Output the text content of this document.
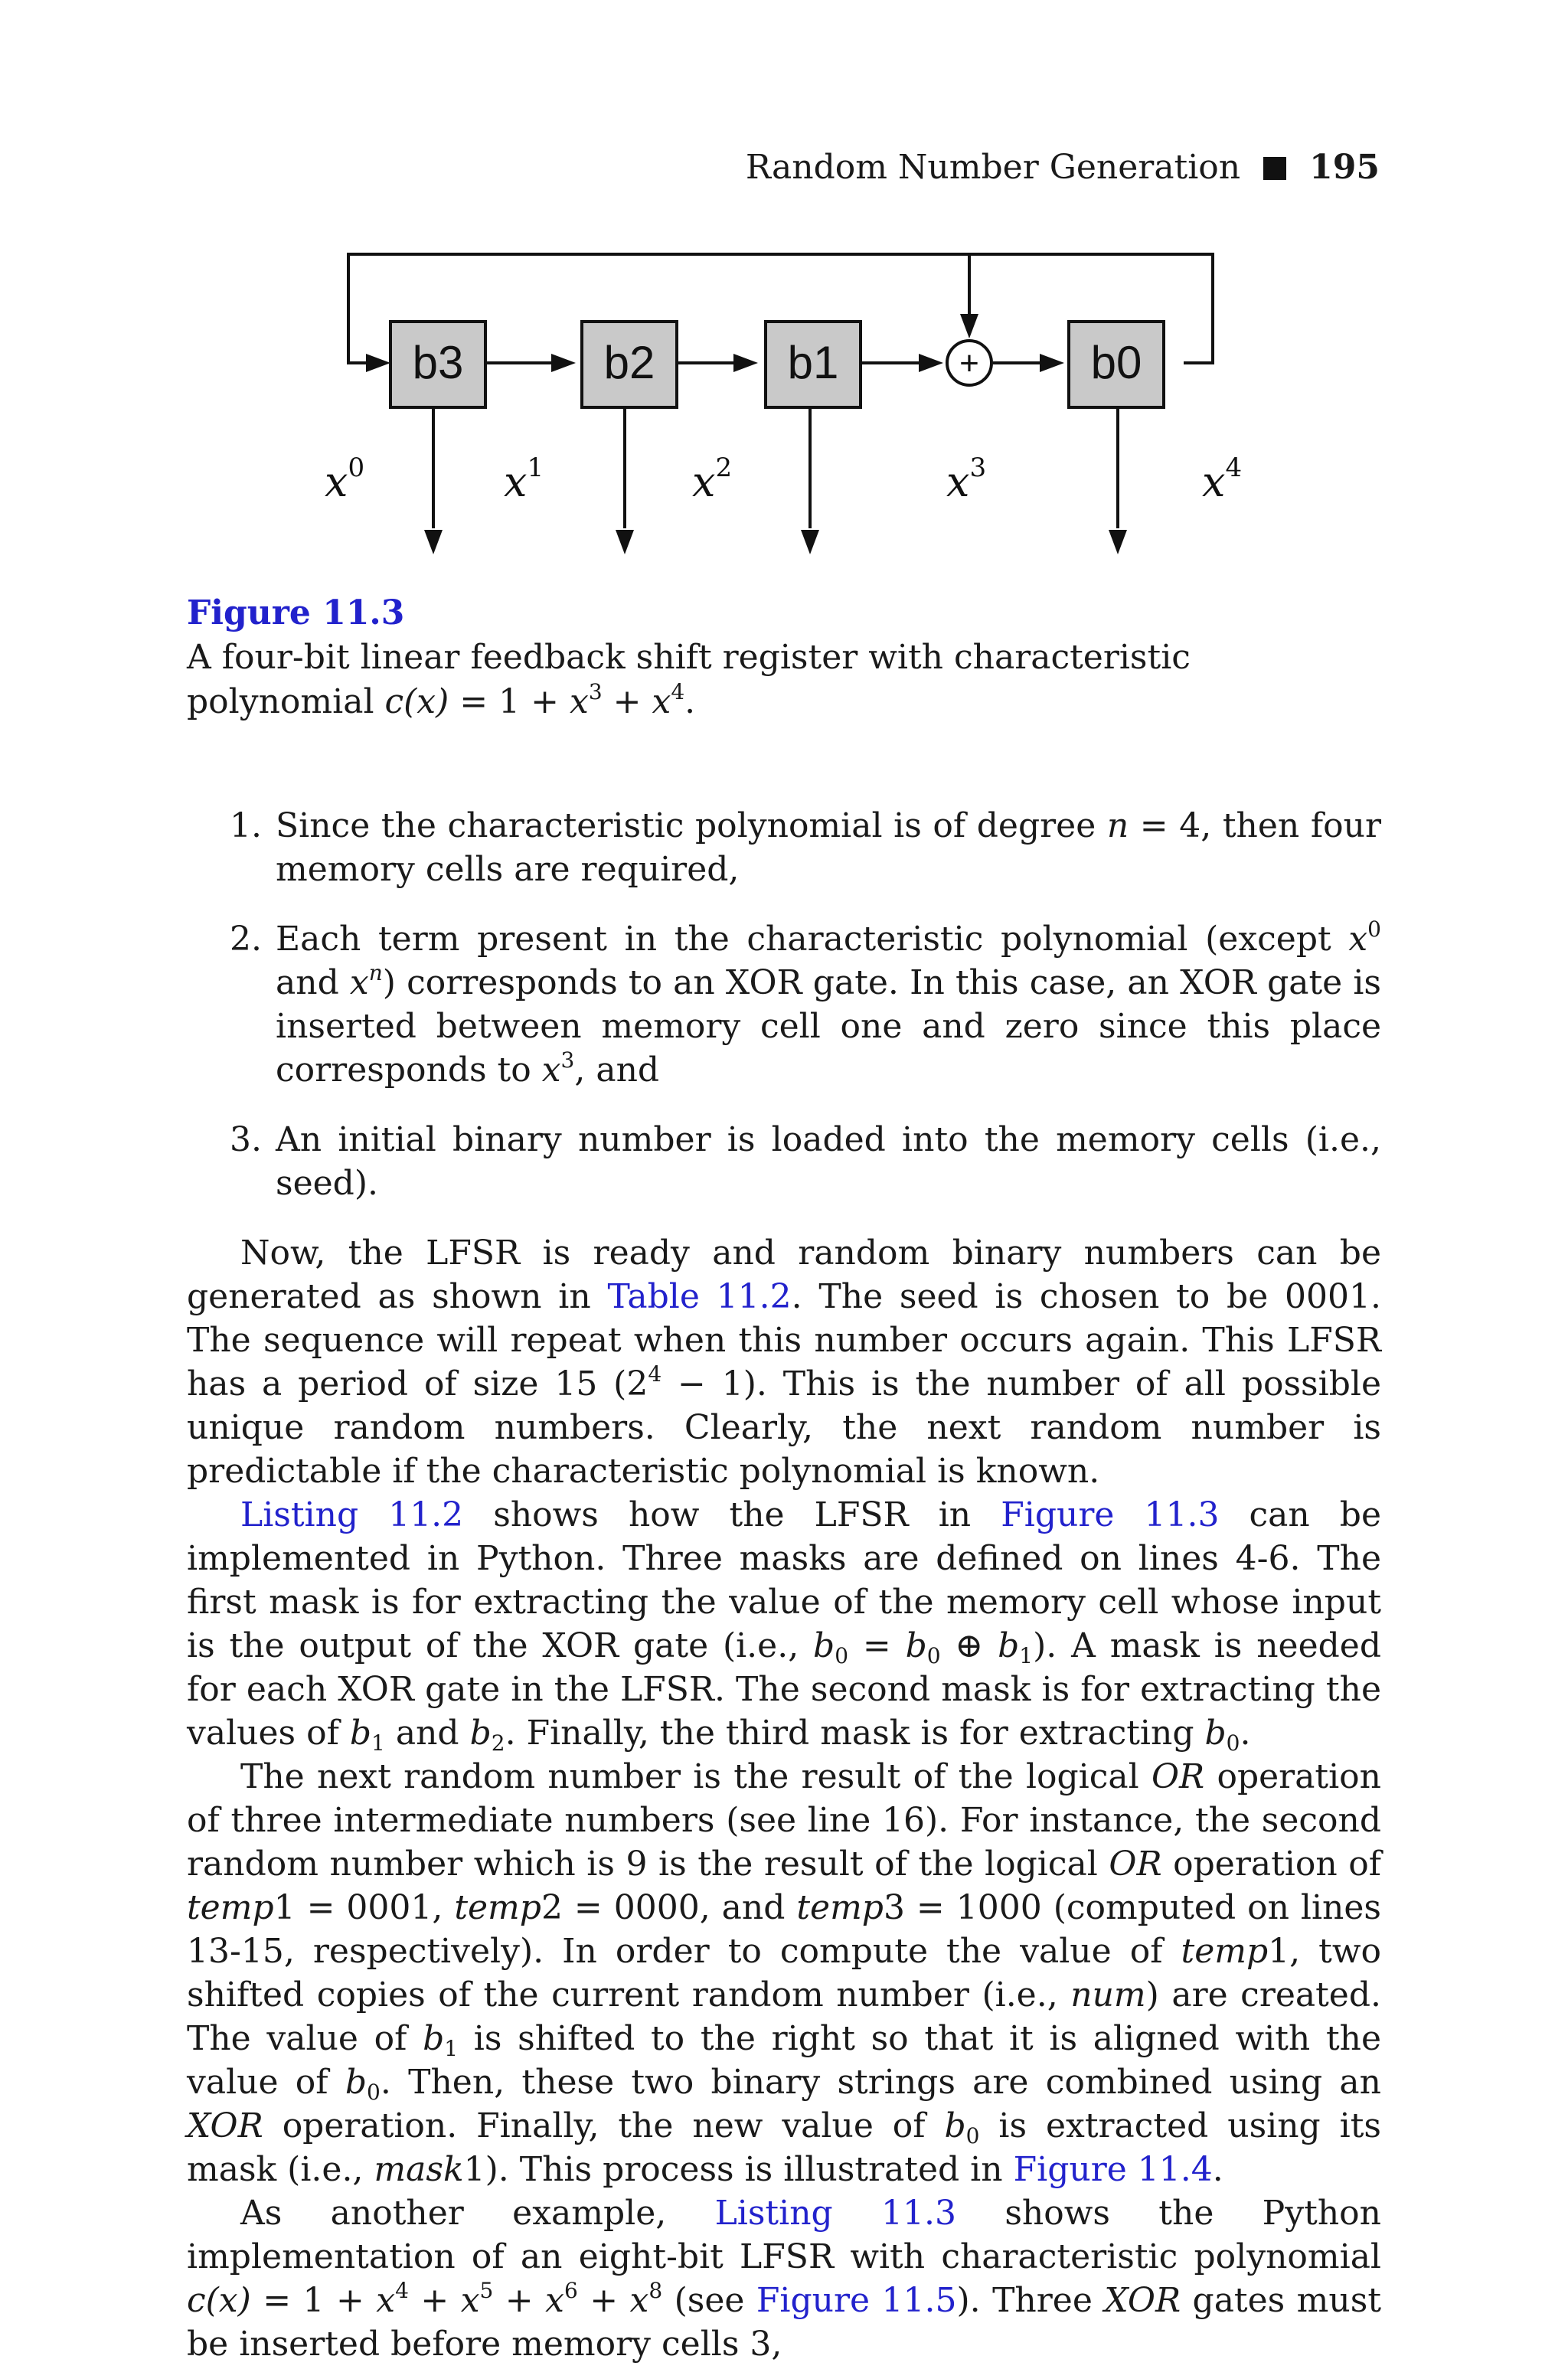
Random Number Generation 195
b3	b2	b1	b0
+
$x^0$	$x^1$	$x^2$	$x^3$	$x^4$
Figure 11.3
A four-bit linear feedback shift register with characteristic polynomial $c(x) = 1 + x^3 + x^4$.
1. Since the characteristic polynomial is of degree n = 4, then four memory cells are required,
2. Each term present in the characteristic polynomial (except $x^0$ and $x^n$) corresponds to an XOR gate. In this case, an XOR gate is inserted between memory cell one and zero since this place corresponds to $x^3$, and
3. An initial binary number is loaded into the memory cells (i.e., seed).

Now, the LFSR is ready and random binary numbers can be generated as shown in Table 11.2. The seed is chosen to be 0001. The sequence will repeat when this number occurs again. This LFSR has a period of size 15 $(2^4 - 1)$. This is the number of all possible unique random numbers. Clearly, the next random number is predictable if the characteristic polynomial is known.

Listing 11.2 shows how the LFSR in Figure 11.3 can be implemented in Python. Three masks are defined on lines 4-6. The first mask is for extracting the value of the memory cell whose input is the output of the XOR gate (i.e., $b_0 = b_0$ ⊕ $b_1$). A mask is needed for each XOR gate in the LFSR. The second mask is for extracting the values of $b_1$ and $b_2$. Finally, the third mask is for extracting $b_0$.

The next random number is the result of the logical OR operation of three intermediate numbers (see line 16). For instance, the second random number which is 9 is the result of the logical OR operation of temp1 = 0001, temp2 = 0000, and temp3 = 1000 (computed on lines 13-15, respectively). In order to compute the value of temp1, two shifted copies of the current random number (i.e., num) are created. The value of $b_1$ is shifted to the right so that it is aligned with the value of $b_0$. Then, these two binary strings are combined using an XOR operation. Finally, the new value of $b_0$ is extracted using its mask (i.e., mask1). This process is illustrated in Figure 11.4.

As another example, Listing 11.3 shows the Python implementation of an eight-bit LFSR with characteristic polynomial $c(x) = 1 + x^4 + x^5 + x^6 + x^8$ (see Figure 11.5). Three XOR gates must be inserted before memory cells 3,
